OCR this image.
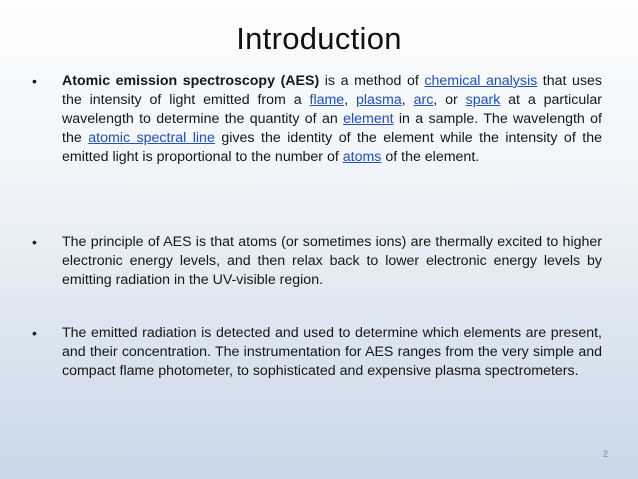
Introduction
• Atomic emission spectroscopy (AES) is a method of chemical analysis that uses the intensity of light emitted from a flame, plasma, arc, or spark at a particular wavelength to determine the quantity of an element in a sample. The wavelength of the atomic spectral line gives the identity of the element while the intensity of the emitted light is proportional to the number of atoms of the element.
• The principle of AES is that atoms (or sometimes ions) are thermally excited to higher electronic energy levels, and then relax back to lower electronic energy levels by emitting radiation in the UV-visible region.
• The emitted radiation is detected and used to determine which elements are present, and their concentration. The instrumentation for AES ranges from the very simple and compact flame photometer, to sophisticated and expensive plasma spectrometers.
2
